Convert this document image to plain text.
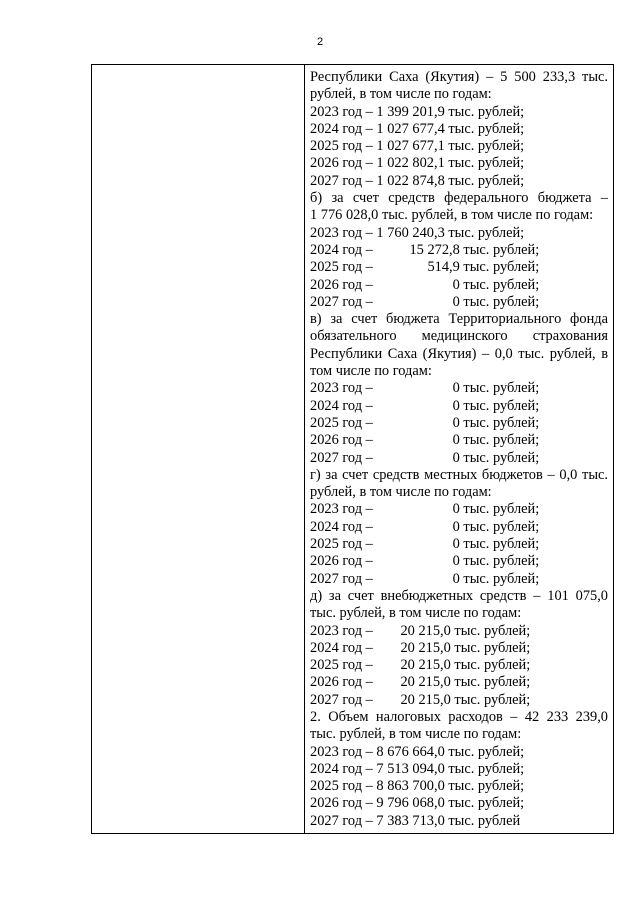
2
Республики Саха (Якутия) – 5 500 233,3 тыс.
рублей, в том числе по годам:
2023 год – 1 399 201,9 тыс. рублей;
2024 год – 1 027 677,4 тыс. рублей;
2025 год – 1 027 677,1 тыс. рублей;
2026 год – 1 022 802,1 тыс. рублей;
2027 год – 1 022 874,8 тыс. рублей;
б) за счет средств федерального бюджета –
1 776 028,0 тыс. рублей, в том числе по годам:
2023 год – 1 760 240,3 тыс. рублей;
2024 год –	15 272,8 тыс. рублей;
2025 год –	514,9 тыс. рублей;
2026 год –	0 тыс. рублей;
2027 год –	0 тыс. рублей;
в) за счет бюджета Территориального фонда
обязательного медицинского страхования
Республики Саха (Якутия) – 0,0 тыс. рублей, в
том числе по годам:
2023 год –	0 тыс. рублей;
2024 год –	0 тыс. рублей;
2025 год –	0 тыс. рублей;
2026 год –	0 тыс. рублей;
2027 год –	0 тыс. рублей;
г) за счет средств местных бюджетов – 0,0 тыс.
рублей, в том числе по годам:
2023 год –	0 тыс. рублей;
2024 год –	0 тыс. рублей;
2025 год –	0 тыс. рублей;
2026 год –	0 тыс. рублей;
2027 год –	0 тыс. рублей;
д) за счет внебюджетных средств – 101 075,0
тыс. рублей, в том числе по годам:
2023 год –	20 215,0 тыс. рублей;
2024 год –	20 215,0 тыс. рублей;
2025 год –	20 215,0 тыс. рублей;
2026 год –	20 215,0 тыс. рублей;
2027 год –	20 215,0 тыс. рублей;
2. Объем налоговых расходов – 42 233 239,0
тыс. рублей, в том числе по годам:
2023 год – 8 676 664,0 тыс. рублей;
2024 год – 7 513 094,0 тыс. рублей;
2025 год – 8 863 700,0 тыс. рублей;
2026 год – 9 796 068,0 тыс. рублей;
2027 год – 7 383 713,0 тыс. рублей
